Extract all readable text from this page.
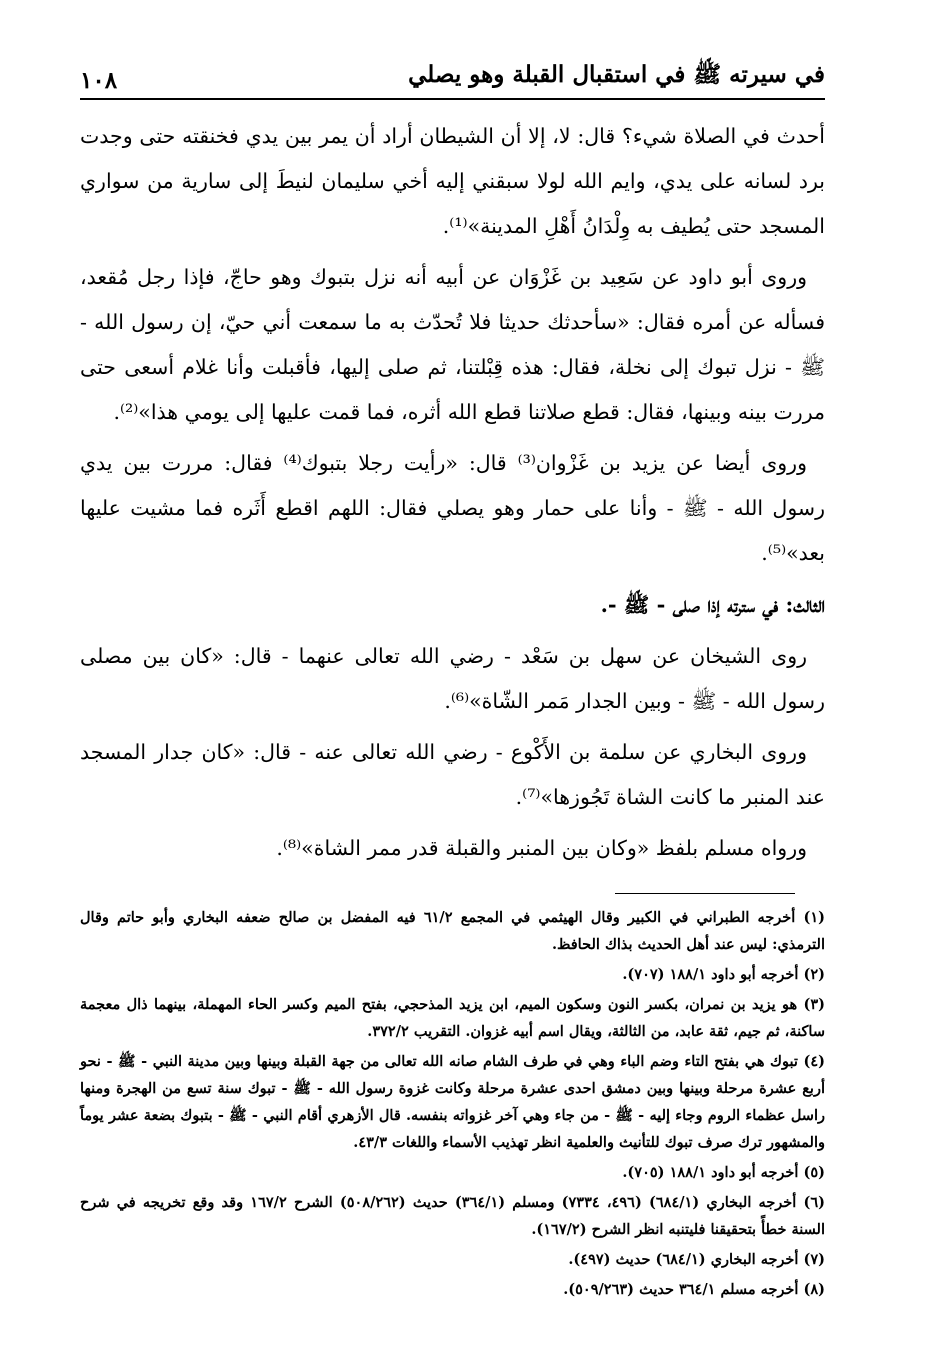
في سيرته ﷺ في استقبال القبلة وهو يصلي
١٠٨

أحدث في الصلاة شيء؟ قال: لا، إلا أن الشيطان أراد أن يمر بين يدي فخنقته حتى وجدت برد لسانه على يدي، وايم الله لولا سبقني إليه أخي سليمان لنيطَ إلى سارية من سواري المسجد حتى يُطيف به وِلْدَانُ أَهْلِ المدينة»⁽¹⁾.

وروى أبو داود عن سَعِيد بن غَزْوَان عن أبيه أنه نزل بتبوك وهو حاجّ، فإذا رجل مُقعد، فسأله عن أمره فقال: «سأحدثك حديثا فلا تُحدّث به ما سمعت أني حيّ، إن رسول الله - ﷺ - نزل تبوك إلى نخلة، فقال: هذه قِبْلتنا، ثم صلى إليها، فأقبلت وأنا غلام أسعى حتى مررت بينه وبينها، فقال: قطع صلاتنا قطع الله أثره، فما قمت عليها إلى يومي هذا»⁽²⁾.

وروى أيضا عن يزيد بن غَزْوان⁽³⁾ قال: «رأيت رجلا بتبوك⁽⁴⁾ فقال: مررت بين يدي رسول الله - ﷺ - وأنا على حمار وهو يصلي فقال: اللهم اقطع أَثَره فما مشيت عليها بعد»⁽⁵⁾.

الثالث: في سترته إذا صلى - ﷺ -.

روى الشيخان عن سهل بن سَعْد - رضي الله تعالى عنهما - قال: «كان بين مصلى رسول الله - ﷺ - وبين الجدار مَمر الشّاة»⁽⁶⁾.

وروى البخاري عن سلمة بن الأَكْوع - رضي الله تعالى عنه - قال: «كان جدار المسجد عند المنبر ما كانت الشاة تَجُوزها»⁽⁷⁾.

ورواه مسلم بلفظ «وكان بين المنبر والقبلة قدر ممر الشاة»⁽⁸⁾.

(١) أخرجه الطبراني في الكبير وقال الهيثمي في المجمع ٦١/٢ فيه المفضل بن صالح ضعفه البخاري وأبو حاتم وقال الترمذي: ليس عند أهل الحديث بذاك الحافظ.

(٢) أخرجه أبو داود ١٨٨/١ (٧٠٧).

(٣) هو يزيد بن نمران، بكسر النون وسكون الميم، ابن يزيد المذحجي، بفتح الميم وكسر الحاء المهملة، بينهما ذال معجمة ساكنة، ثم جيم، ثقة عابد، من الثالثة، ويقال اسم أبيه غزوان. التقريب ٣٧٢/٢.

(٤) تبوك هي بفتح التاء وضم الباء وهي في طرف الشام صانه الله تعالى من جهة القبلة وبينها وبين مدينة النبي - ﷺ - نحو أربع عشرة مرحلة وبينها وبين دمشق احدى عشرة مرحلة وكانت غزوة رسول الله - ﷺ - تبوك سنة تسع من الهجرة ومنها راسل عظماء الروم وجاء إليه - ﷺ - من جاء وهي آخر غزواته بنفسه. قال الأزهري أقام النبي - ﷺ - بتبوك بضعة عشر يوماً والمشهور ترك صرف تبوك للتأنيث والعلمية انظر تهذيب الأسماء واللغات ٤٣/٣.

(٥) أخرجه أبو داود ١٨٨/١ (٧٠٥).

(٦) أخرجه البخاري (٦٨٤/١) (٤٩٦، ٧٣٣٤) ومسلم (٣٦٤/١) حديث (٥٠٨/٢٦٢) الشرح ١٦٧/٢ وقد وقع تخريجه في شرح السنة خطأً بتحقيقنا فليتنبه انظر الشرح (١٦٧/٢).

(٧) أخرجه البخاري (٦٨٤/١) حديث (٤٩٧).

(٨) أخرجه مسلم ٣٦٤/١ حديث (٥٠٩/٢٦٣).
